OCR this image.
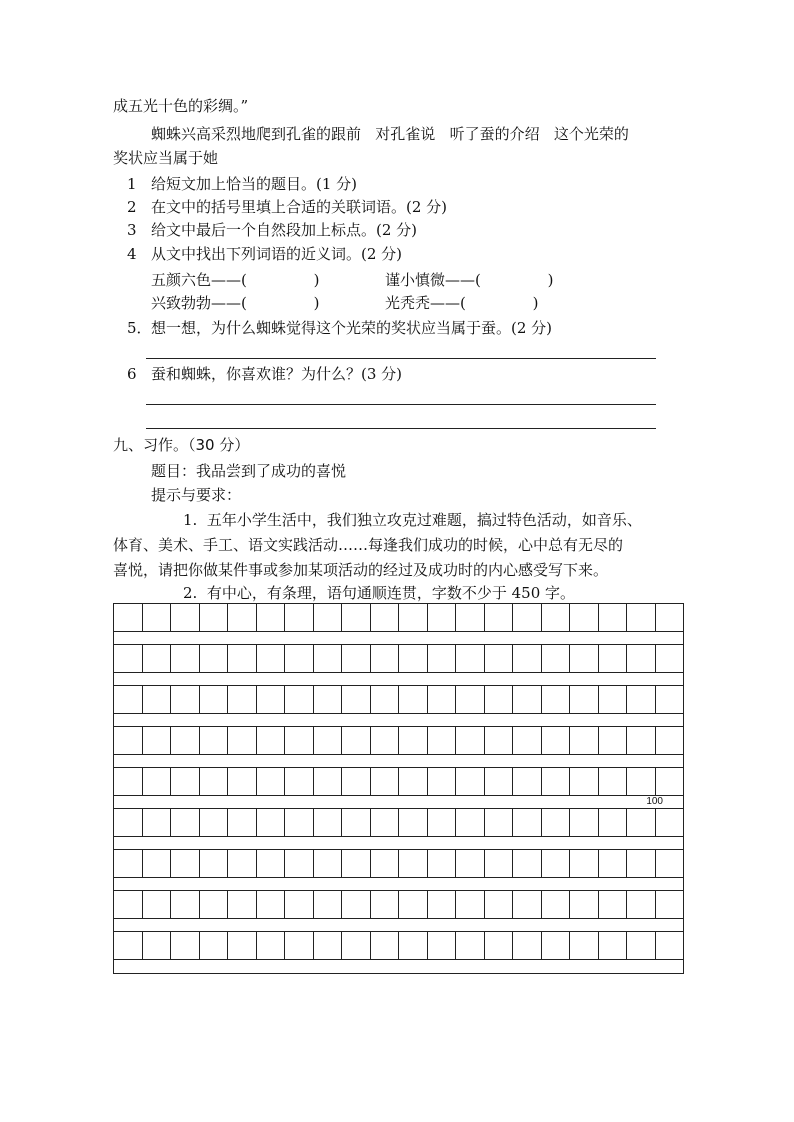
成五光十色的彩绸。”
蜘蛛兴高采烈地爬到孔雀的跟前   对孔雀说   听了蚕的介绍   这个光荣的
奖状应当属于她
1 给短文加上恰当的题目。(1 分)
2 在文中的括号里填上合适的关联词语。(2 分)
3 给文中最后一个自然段加上标点。(2 分)
4 从文中找出下列词语的近义词。(2 分)
五颜六色——(              )	谨小慎微——(              )
兴致勃勃——(              )	光秃秃——(              )
5． 想一想，为什么蜘蛛觉得这个光荣的奖状应当属于蚕。(2 分)
6 蚕和蜘蛛，你喜欢谁？为什么？(3 分)
九、习作。（30 分）
题目：我品尝到了成功的喜悦
提示与要求：
1.  五年小学生活中，我们独立攻克过难题，搞过特色活动，如音乐、
体育、美术、手工、语文实践活动……每逢我们成功的时候，心中总有无尽的
喜悦，请把你做某件事或参加某项活动的经过及成功时的内心感受写下来。
2.  有中心，有条理，语句通顺连贯，字数不少于 450 字。
100
